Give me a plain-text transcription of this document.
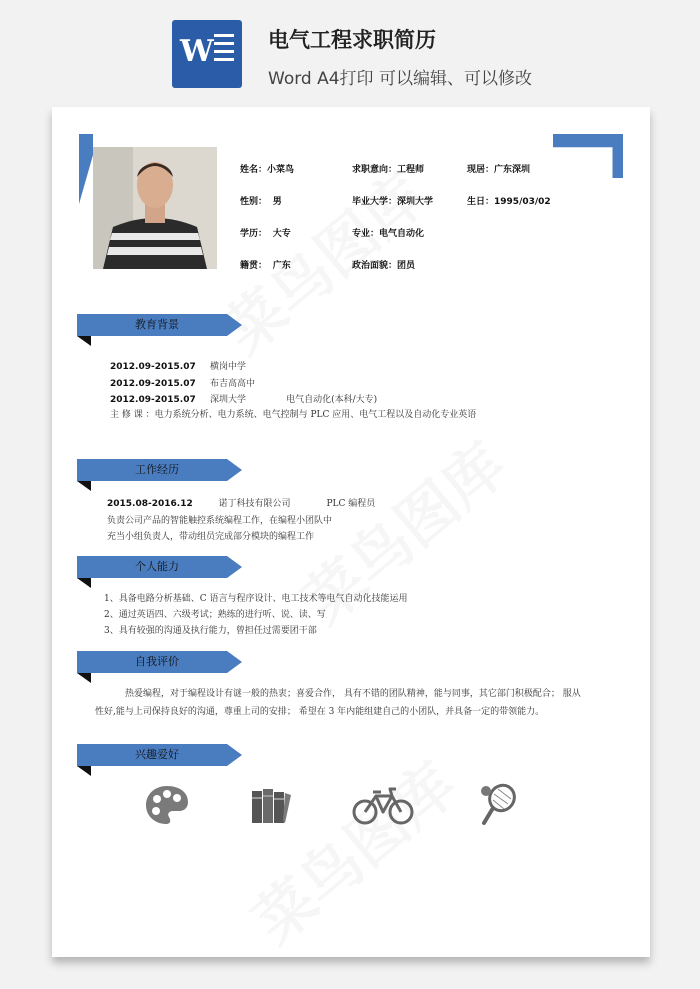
W	电气工程求职简历
Word A4打印 可以编辑、可以修改
姓名：小菜鸟	求职意向：工程师	现居：广东深圳
性别： 男	毕业大学：深圳大学	生日：1995/03/02
学历： 大专	专业：电气自动化
籍贯： 广东	政治面貌：团员
教育背景
2012.09-2015.07 横岗中学
2012.09-2015.07 布吉高高中
2012.09-2015.07 深圳大学	电气自动化(本科/大专)
主 修 课 ：电力系统分析、电力系统、电气控制与 PLC 应用、电气工程以及自动化专业英语
工作经历
2015.08-2016.12	诺丁科技有限公司	PLC 编程员
负责公司产品的智能触控系统编程工作，在编程小团队中
充当小组负责人，带动组员完成部分模块的编程工作
个人能力
1、具备电路分析基础、C 语言与程序设计、电工技术等电气自动化技能运用
2、通过英语四、六级考试；熟练的进行听、说、读、写
3、具有较强的沟通及执行能力，曾担任过需要团干部
自我评价
热爱编程，对于编程设计有谜一般的热衷；喜爱合作， 具有不错的团队精神，能与同事，其它部门积极配合； 服从性好,能与上司保持良好的沟通，尊重上司的安排； 希望在 3 年内能组建自己的小团队，并具备一定的带领能力。
兴趣爱好
